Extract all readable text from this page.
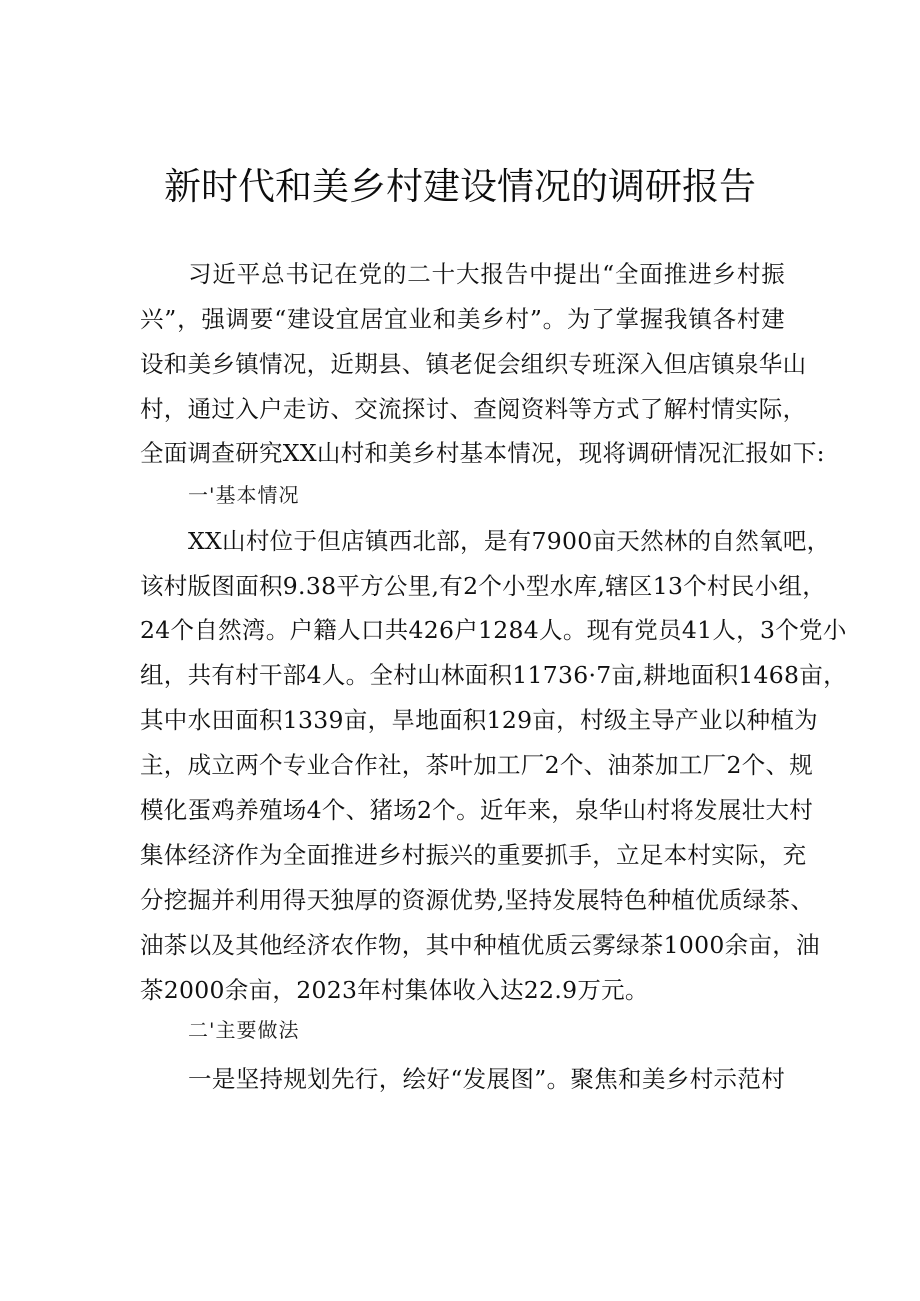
新时代和美乡村建设情况的调研报告
习近平总书记在党的二十大报告中提出“全面推进乡村振
兴”，强调要“建设宜居宜业和美乡村”。为了掌握我镇各村建
设和美乡镇情况，近期县、镇老促会组织专班深入但店镇泉华山
村，通过入户走访、交流探讨、查阅资料等方式了解村情实际，
全面调查研究XX山村和美乡村基本情况，现将调研情况汇报如下:
一'基本情况
XX山村位于但店镇西北部，是有7900亩天然林的自然氧吧，
该村版图面积9.38平方公里,有2个小型水库,辖区13个村民小组，
24个自然湾。户籍人口共426户1284人。现有党员41人，3个党小
组，共有村干部4人。全村山林面积11736·7亩,耕地面积1468亩，
其中水田面积1339亩，旱地面积129亩，村级主导产业以种植为
主，成立两个专业合作社，茶叶加工厂2个、油茶加工厂2个、规
模化蛋鸡养殖场4个、猪场2个。近年来，泉华山村将发展壮大村
集体经济作为全面推进乡村振兴的重要抓手，立足本村实际，充
分挖掘并利用得天独厚的资源优势,坚持发展特色种植优质绿茶、
油茶以及其他经济农作物，其中种植优质云雾绿茶1000余亩，油
茶2000余亩，2023年村集体收入达22.9万元。
二'主要做法
一是坚持规划先行，绘好“发展图”。聚焦和美乡村示范村
